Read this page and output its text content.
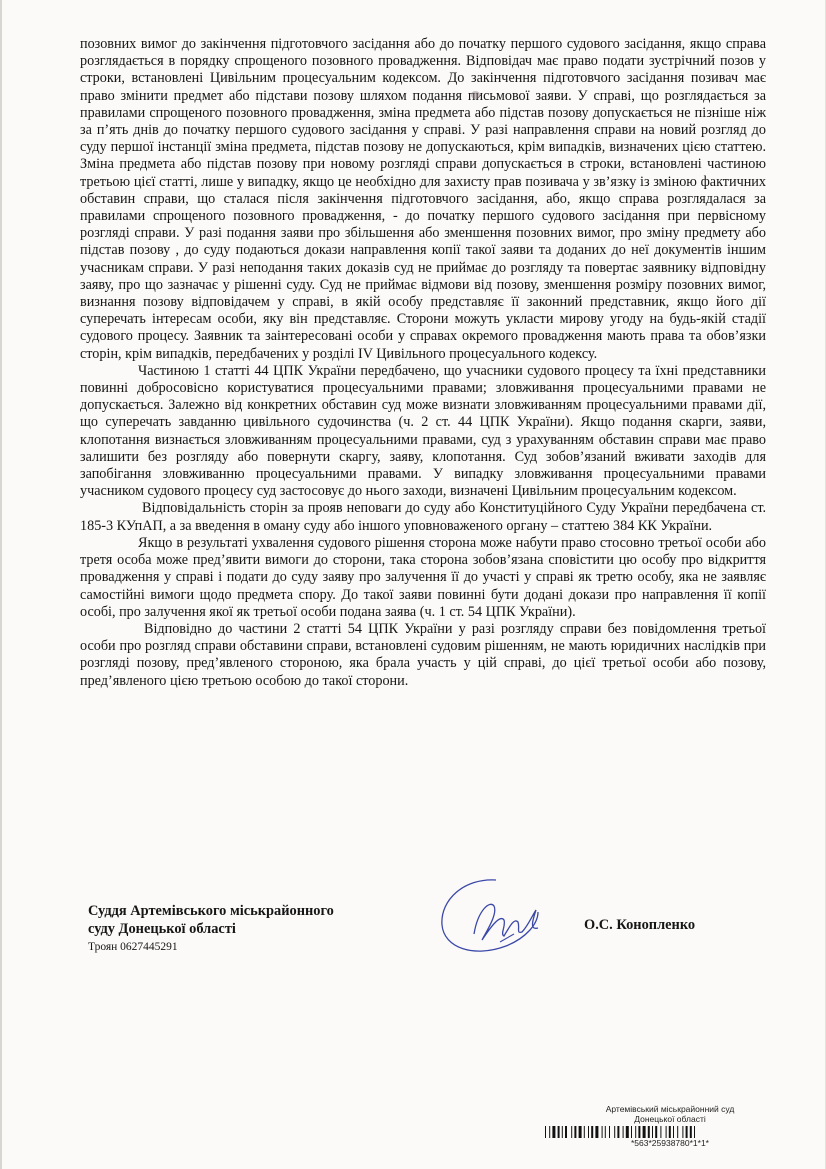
позовних вимог до закінчення підготовчого засідання або до початку першого судового засідання, якщо справа розглядається в порядку спрощеного позовного провадження. Відповідач має право подати зустрічний позов у строки, встановлені Цивільним процесуальним кодексом. До закінчення підготовчого засідання позивач має право змінити предмет або підстави позову шляхом подання письмової заяви. У справі, що розглядається за правилами спрощеного позовного провадження, зміна предмета або підстав позову допускається не пізніше ніж за п’ять днів до початку першого судового засідання у справі. У разі направлення справи на новий розгляд до суду першої інстанції зміна предмета, підстав позову не допускаються, крім випадків, визначених цією статтею. Зміна предмета або підстав позову при новому розгляді справи допускається в строки, встановлені частиною третьою цієї статті, лише у випадку, якщо це необхідно для захисту прав позивача у зв’язку із зміною фактичних обставин справи, що сталася після закінчення підготовчого засідання, або, якщо справа розглядалася за правилами спрощеного позовного провадження, - до початку першого судового засідання при первісному розгляді справи. У разі подання заяви про збільшення або зменшення позовних вимог, про зміну предмету або підстав позову , до суду подаються докази направлення копії такої заяви та доданих до неї документів іншим учасникам справи. У разі неподання таких доказів суд не приймає до розгляду та повертає заявнику відповідну заяву, про що зазначає у рішенні суду. Суд не приймає відмови від позову, зменшення розміру позовних вимог, визнання позову відповідачем у справі, в якій особу представляє її законний представник, якщо його дії суперечать інтересам особи, яку він представляє. Сторони можуть укласти мирову угоду на будь-якій стадії судового процесу. Заявник та заінтересовані особи у справах окремого провадження мають права та обов’язки сторін, крім випадків, передбачених у розділі IV Цивільного процесуального кодексу.

Частиною 1 статті 44 ЦПК України передбачено, що учасники судового процесу та їхні представники повинні добросовісно користуватися процесуальними правами; зловживання процесуальними правами не допускається. Залежно від конкретних обставин суд може визнати зловживанням процесуальними правами дії, що суперечать завданню цивільного судочинства (ч. 2 ст. 44 ЦПК України). Якщо подання скарги, заяви, клопотання визнається зловживанням процесуальними правами, суд з урахуванням обставин справи має право залишити без розгляду або повернути скаргу, заяву, клопотання. Суд зобов’язаний вживати заходів для запобігання зловживанню процесуальними правами. У випадку зловживання процесуальними правами учасником судового процесу суд застосовує до нього заходи, визначені Цивільним процесуальним кодексом.

Відповідальність сторін за прояв неповаги до суду або Конституційного Суду України передбачена ст. 185-3 КУпАП, а за введення в оману суду або іншого уповноваженого органу – статтею 384 КК України.

Якщо в результаті ухвалення судового рішення сторона може набути право стосовно третьої особи або третя особа може пред’явити вимоги до сторони, така сторона зобов’язана сповістити цю особу про відкриття провадження у справі і подати до суду заяву про залучення її до участі у справі як третю особу, яка не заявляє самостійні вимоги щодо предмета спору. До такої заяви повинні бути додані докази про направлення її копії особі, про залучення якої як третьої особи подана заява (ч. 1 ст. 54 ЦПК України).

Відповідно до частини 2 статті 54 ЦПК України у разі розгляду справи без повідомлення третьої особи про розгляд справи обставини справи, встановлені судовим рішенням, не мають юридичних наслідків при розгляді позову, пред’явленого стороною, яка брала участь у цій справі, до цієї третьої особи або позову, пред’явленого цією третьою особою до такої сторони.

Суддя Артемівського міськрайонного

суду Донецької області

Троян 0627445291

О.С. Конопленко
Артемівський міськрайонний суд
Донецької області
*563*25938780*1*1*
